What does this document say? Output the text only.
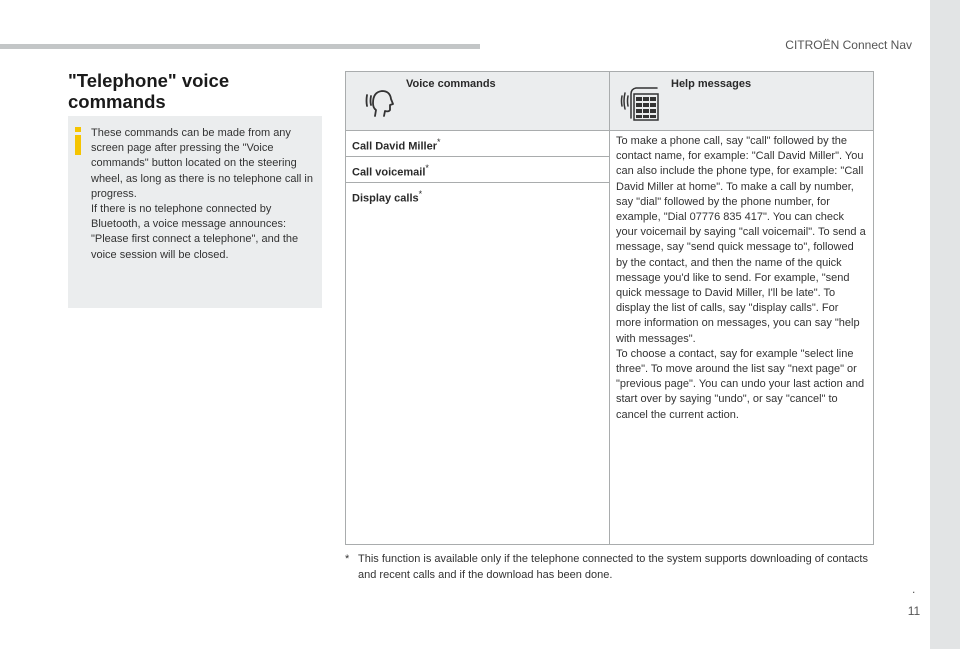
CITROËN Connect Nav
.
11
"Telephone" voice commands

These commands can be made from any screen page after pressing the "Voice commands" button located on the steering wheel, as long as there is no telephone call in progress.

If there is no telephone connected by Bluetooth, a voice message announces: "Please first connect a telephone", and the voice session will be closed.

Voice commands	Help messages
Call David Miller*
Call voicemail*
Display calls*

To make a phone call, say "call" followed by the contact name, for example: "Call David Miller". You can also include the phone type, for example: "Call David Miller at home". To make a call by number, say "dial" followed by the phone number, for example, "Dial 07776 835 417". You can check your voicemail by saying "call voicemail". To send a message, say "send quick message to", followed by the contact, and then the name of the quick message you'd like to send. For example, "send quick message to David Miller, I'll be late". To display the list of calls, say "display calls". For more information on messages, you can say "help with messages".

To choose a contact, say for example "select line three". To move around the list say "next page" or "previous page". You can undo your last action and start over by saying "undo", or say "cancel" to cancel the current action.

* This function is available only if the telephone connected to the system supports downloading of contacts and recent calls and if the download has been done.
